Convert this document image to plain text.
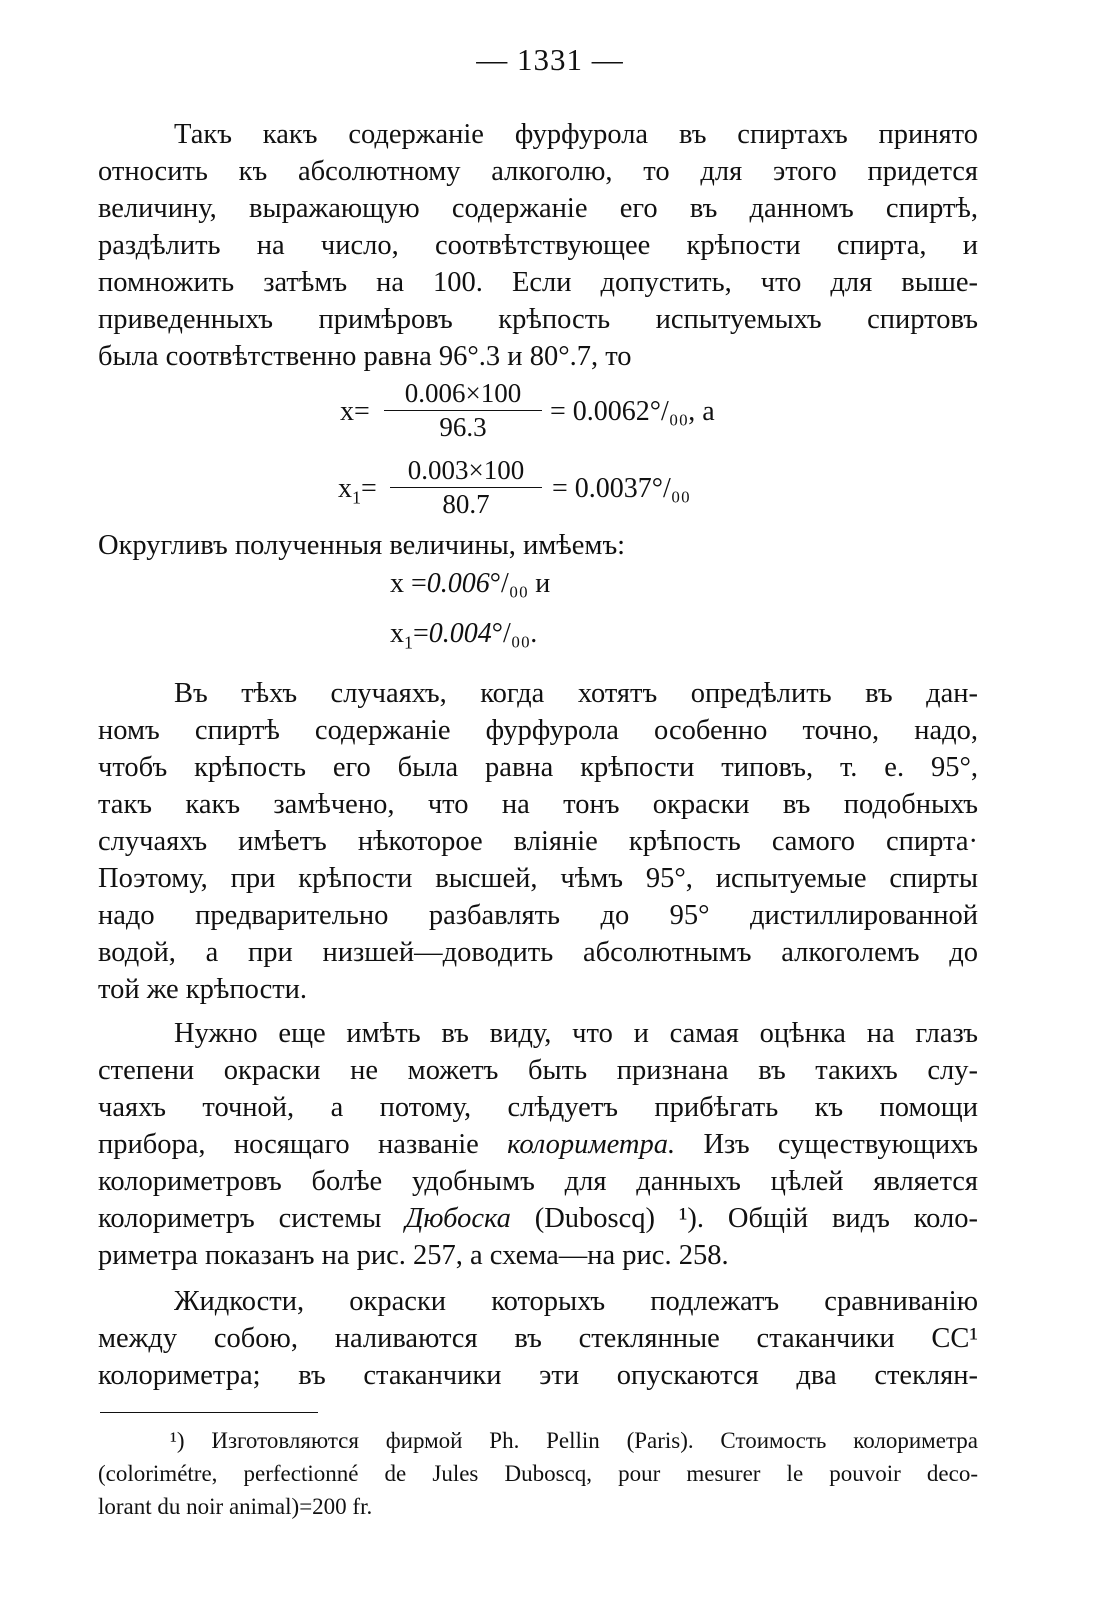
— 1331 —
Такъ какъ содержаніе фурфурола въ спиртахъ принято
относить къ абсолютному алкоголю, то для этого придется
величину, выражающую содержаніе его въ данномъ спиртѣ,
раздѣлить на число, соотвѣтствующее крѣпости спирта, и
помножить затѣмъ на 100. Если допустить, что для выше-
приведенныхъ примѣровъ крѣпость испытуемыхъ спиртовъ
была соотвѣтственно равна 96°.3 и 80°.7, то
$x= \frac{0.006\times 100}{96.3} = 0.0062^\circ/_{00}$, а
$x_1= \frac{0.003\times 100}{80.7} = 0.0037^\circ/_{00}$
Округливъ полученныя величины, имѣемъ:
x =0.006°/₀₀ и
$x_1=0.004^\circ/_{00}$.
Въ тѣхъ случаяхъ, когда хотятъ опредѣлить въ дан-
номъ спиртѣ содержаніе фурфурола особенно точно, надо,
чтобъ крѣпость его была равна крѣпости типовъ, т. е. 95°,
такъ какъ замѣчено, что на тонъ окраски въ подобныхъ
случаяхъ имѣетъ нѣкоторое вліяніе крѣпость самого спирта·
Поэтому, при крѣпости высшей, чѣмъ 95°, испытуемые спирты
надо предварительно разбавлять до 95° дистиллированной
водой, а при низшей—доводить абсолютнымъ алкоголемъ до
той же крѣпости.
Нужно еще имѣть въ виду, что и самая оцѣнка на глазъ
степени окраски не можетъ быть признана въ такихъ слу-
чаяхъ точной, а потому, слѣдуетъ прибѣгать къ помощи
прибора, носящаго названіе колориметра. Изъ существующихъ
колориметровъ болѣе удобнымъ для данныхъ цѣлей является
колориметръ системы Дюбоска (Duboscq) ¹). Общій видъ коло-
риметра показанъ на рис. 257, а схема—на рис. 258.
Жидкости, окраски которыхъ подлежатъ сравниванію
между собою, наливаются въ стеклянные стаканчики СС¹
колориметра; въ стаканчики эти опускаются два стеклян-
¹) Изготовляются фирмой Ph. Pellin (Paris). Стоимость колориметра
(colorimétre, perfectionné de Jules Duboscq, pour mesurer le pouvoir deco-
lorant du noir animal)=200 fr.
